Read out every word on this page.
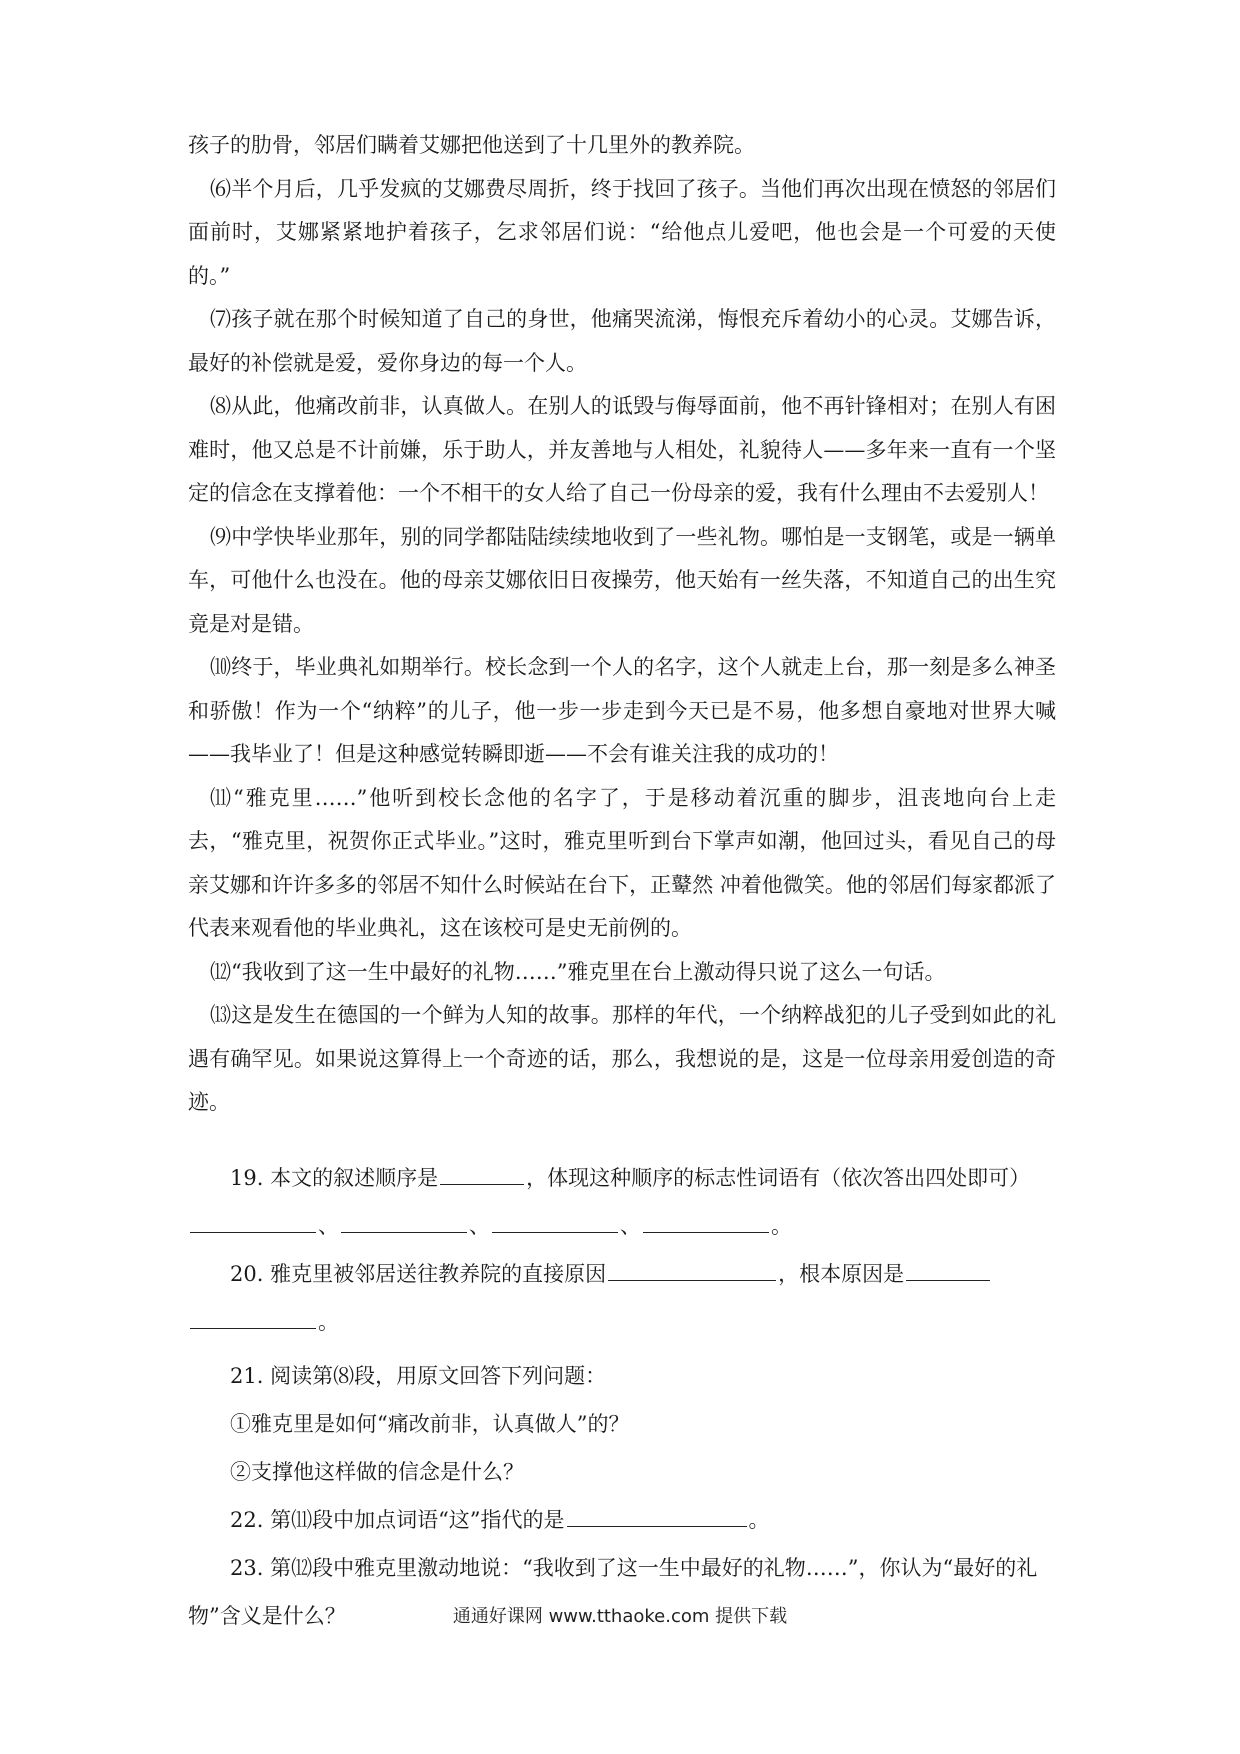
孩子的肋骨，邻居们瞒着艾娜把他送到了十几里外的教养院。

⑹半个月后，几乎发疯的艾娜费尽周折，终于找回了孩子。当他们再次出现在愤怒的邻居们面前时，艾娜紧紧地护着孩子，乞求邻居们说：“给他点儿爱吧，他也会是一个可爱的天使的。”

⑺孩子就在那个时候知道了自己的身世，他痛哭流涕，悔恨充斥着幼小的心灵。艾娜告诉，最好的补偿就是爱，爱你身边的每一个人。

⑻从此，他痛改前非，认真做人。在别人的诋毁与侮辱面前，他不再针锋相对；在别人有困难时，他又总是不计前嫌，乐于助人，并友善地与人相处，礼貌待人——多年来一直有一个坚定的信念在支撑着他：一个不相干的女人给了自己一份母亲的爱，我有什么理由不去爱别人！

⑼中学快毕业那年，别的同学都陆陆续续地收到了一些礼物。哪怕是一支钢笔，或是一辆单车，可他什么也没在。他的母亲艾娜依旧日夜操劳，他天始有一丝失落，不知道自己的出生究竟是对是错。

⑽终于，毕业典礼如期举行。校长念到一个人的名字，这个人就走上台，那一刻是多么神圣和骄傲！作为一个“纳粹”的儿子，他一步一步走到今天已是不易，他多想自豪地对世界大喊——我毕业了！但是这种感觉转瞬即逝——不会有谁关注我的成功的！

⑾“雅克里……”他听到校长念他的名字了，于是移动着沉重的脚步，沮丧地向台上走去，“雅克里，祝贺你正式毕业。”这时，雅克里听到台下掌声如潮，他回过头，看见自己的母亲艾娜和许许多多的邻居不知什么时候站在台下，正鼙然 冲着他微笑。他的邻居们每家都派了代表来观看他的毕业典礼，这在该校可是史无前例的。

⑿“我收到了这一生中最好的礼物……”雅克里在台上激动得只说了这么一句话。

⒀这是发生在德国的一个鲜为人知的故事。那样的年代，一个纳粹战犯的儿子受到如此的礼遇有确罕见。如果说这算得上一个奇迹的话，那么，我想说的是，这是一位母亲用爱创造的奇迹。

19. 本文的叙述顺序是	，体现这种顺序的标志性词语有（依次答出四处即可）、	、	、	。

20. 雅克里被邻居送往教养院的直接原因	，根本原因是。

21. 阅读第⑻段，用原文回答下列问题：

①雅克里是如何“痛改前非，认真做人”的？

②支撑他这样做的信念是什么？

22. 第⑾段中加点词语“这”指代的是	。

23. 第⑿段中雅克里激动地说：“我收到了这一生中最好的礼物……”，你认为“最好的礼物”含义是什么？	通通好课网 www.tthaoke.com 提供下载
